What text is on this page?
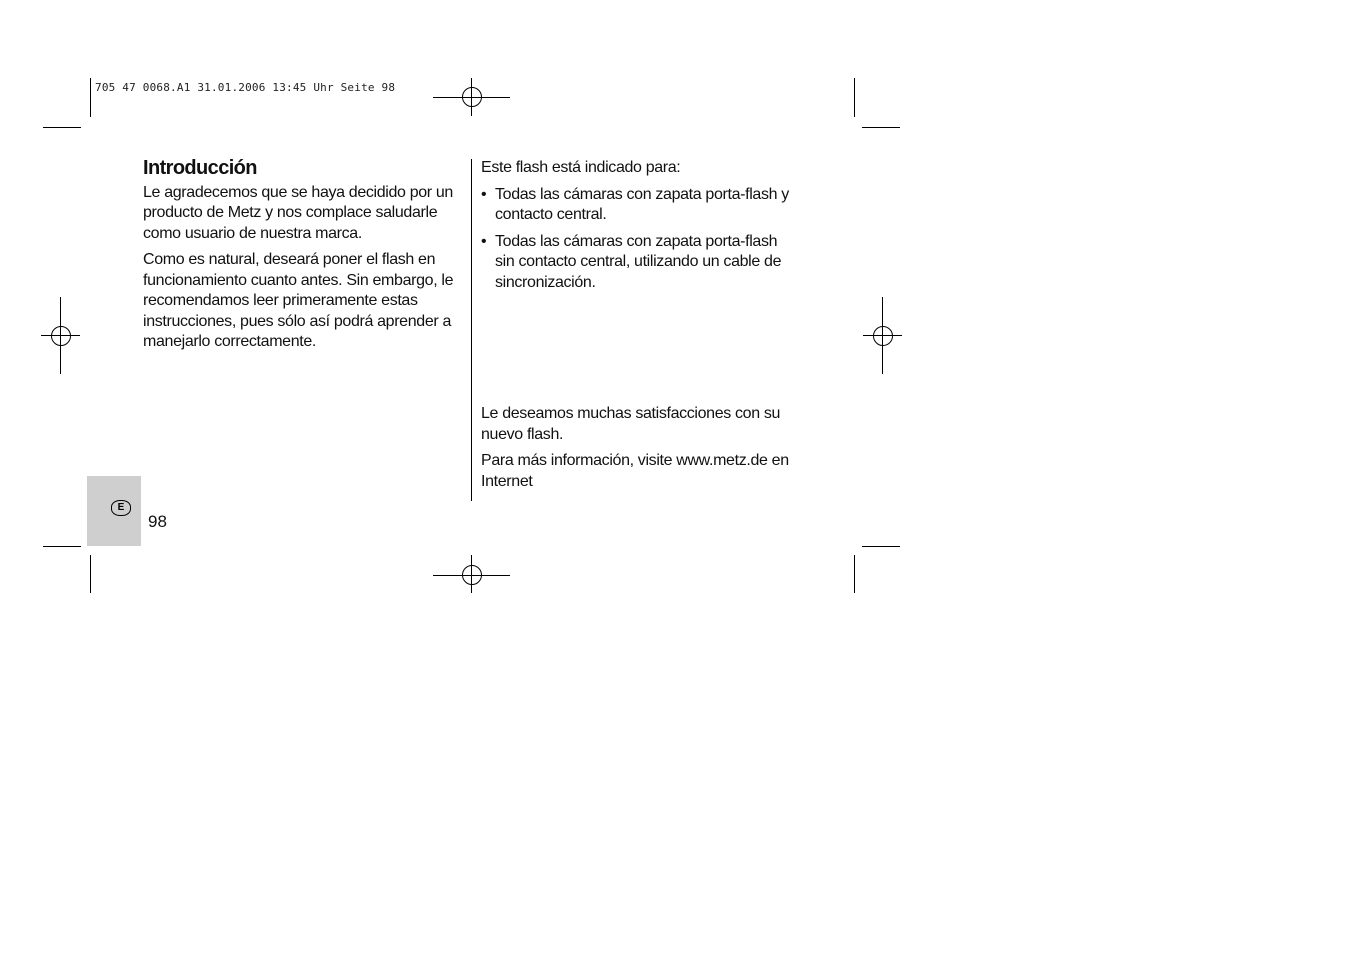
705 47 0068.A1 31.01.2006 13:45 Uhr Seite 98
Introducción

Le agradecemos que se haya decidido por un producto de Metz y nos complace saludarle como usuario de nuestra marca.

Como es natural, deseará poner el flash en funcionamiento cuanto antes. Sin embargo, le recomendamos leer primeramente estas instrucciones, pues sólo así podrá aprender a manejarlo correctamente.

Este flash está indicado para:

• Todas las cámaras con zapata porta-flash y contacto central.
• Todas las cámaras con zapata porta-flash sin contacto central, utilizando un cable de sincronización.

Le deseamos muchas satisfacciones con su nuevo flash.

Para más información, visite www.metz.de en Internet

E
98
